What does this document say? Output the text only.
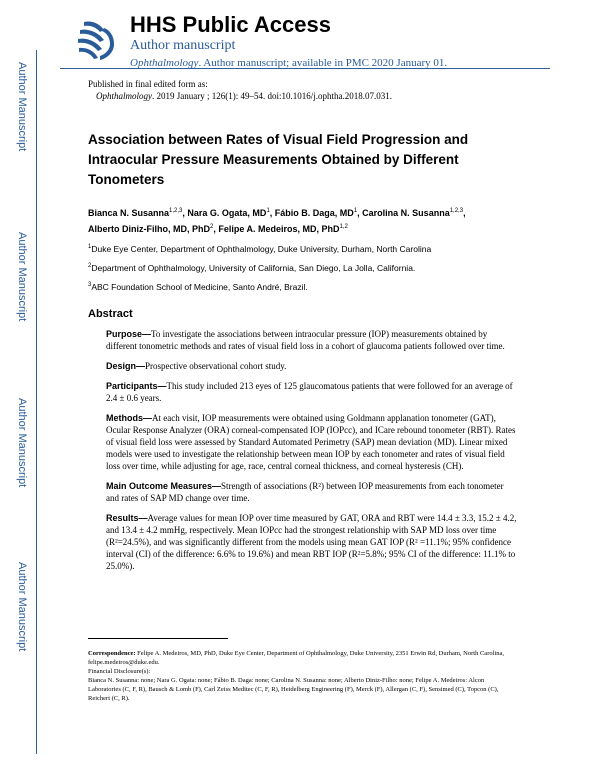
HHS Public Access
Author manuscript
Ophthalmology. Author manuscript; available in PMC 2020 January 01.
Author Manuscript
Author Manuscript
Author Manuscript
Author Manuscript
Published in final edited form as:
Ophthalmology. 2019 January ; 126(1): 49–54. doi:10.1016/j.ophtha.2018.07.031.
Association between Rates of Visual Field Progression and Intraocular Pressure Measurements Obtained by Different Tonometers
Bianca N. Susanna$^{1,2,3}$, Nara G. Ogata, $MD^1$, Fábio B. Daga, $MD^1$, Carolina N. Susanna$^{1,2,3}$,
Alberto Diniz-Filho, MD, PhD$^2$, Felipe A. Medeiros, MD, PhD$^{1,2}$
$^1$Duke Eye Center, Department of Ophthalmology, Duke University, Durham, North Carolina
$^2$Department of Ophthalmology, University of California, San Diego, La Jolla, California.
$^3$ABC Foundation School of Medicine, Santo André, Brazil.
Abstract
Purpose—To investigate the associations between intraocular pressure (IOP) measurements obtained by different tonometric methods and rates of visual field loss in a cohort of glaucoma patients followed over time.
Design—Prospective observational cohort study.
Participants—This study included 213 eyes of 125 glaucomatous patients that were followed for an average of 2.4 ± 0.6 years.
Methods—At each visit, IOP measurements were obtained using Goldmann applanation tonometer (GAT), Ocular Response Analyzer (ORA) corneal-compensated IOP (IOPcc), and ICare rebound tonometer (RBT). Rates of visual field loss were assessed by Standard Automated Perimetry (SAP) mean deviation (MD). Linear mixed models were used to investigate the relationship between mean IOP by each tonometer and rates of visual field loss over time, while adjusting for age, race, central corneal thickness, and corneal hysteresis (CH).
Main Outcome Measures—Strength of associations (R²) between IOP measurements from each tonometer and rates of SAP MD change over time.
Results—Average values for mean IOP over time measured by GAT, ORA and RBT were 14.4 ± 3.3, 15.2 ± 4.2, and 13.4 ± 4.2 mmHg, respectively. Mean IOPcc had the strongest relationship with SAP MD loss over time (R²=24.5%), and was significantly different from the models using mean GAT IOP (R² =11.1%; 95% confidence interval (CI) of the difference: 6.6% to 19.6%) and mean RBT IOP (R²=5.8%; 95% CI of the difference: 11.1% to 25.0%).
Correspondence: Felipe A. Medeiros, MD, PhD, Duke Eye Center, Department of Ophthalmology, Duke University, 2351 Erwin Rd, Durham, North Carolina, felipe.medeiros@duke.edu.
Financial Disclosure(s):
Bianca N. Susanna: none; Nara G. Ogata: none; Fábio B. Daga: none; Carolina N. Susanna: none; Alberto Diniz-Filho: none; Felipe A. Medeiros: Alcon Laboratories (C, F, R), Bausch & Lomb (F), Carl Zeiss Meditec (C, F, R), Heidelberg Engineering (F), Merck (F), Allergan (C, F), Sensimed (C), Topcon (C), Reichert (C, R).
